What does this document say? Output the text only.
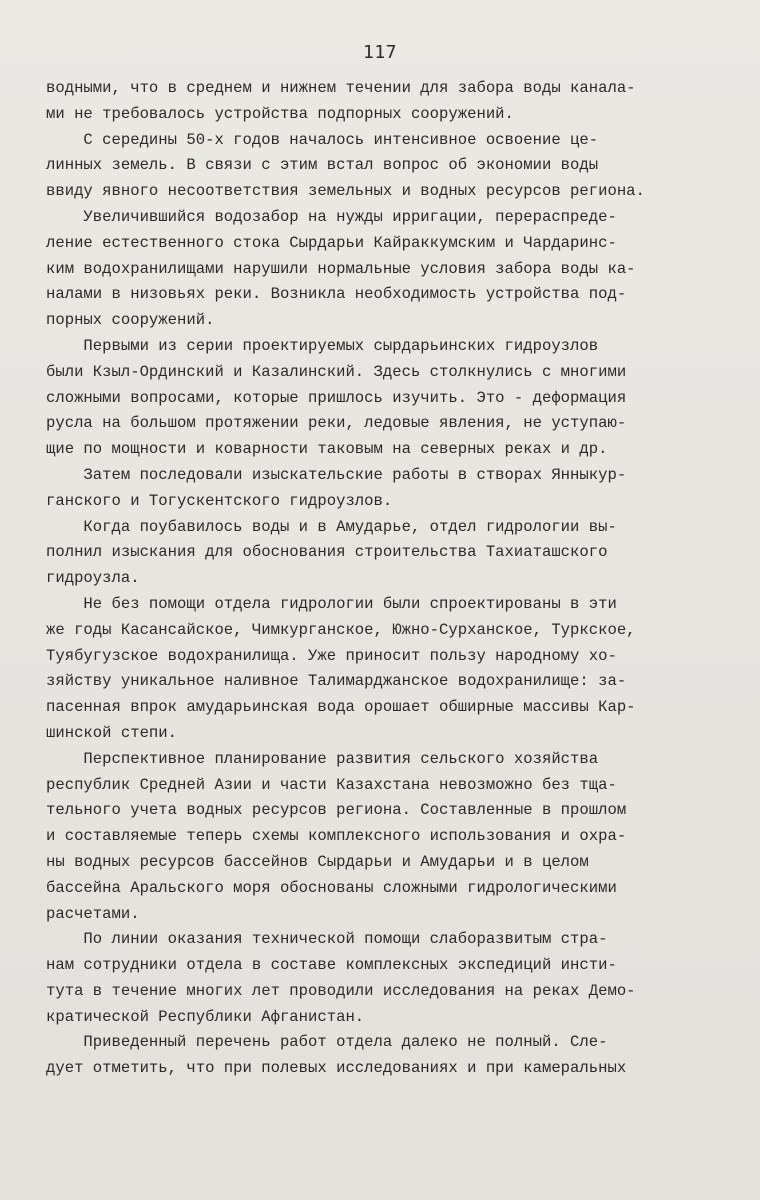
117
водными, что в среднем и нижнем течении для забора воды канала-
ми не требовалось устройства подпорных сооружений.
С середины 50-х годов началось интенсивное освоение це-
линных земель. В связи с этим встал вопрос об экономии воды
ввиду явного несоответствия земельных и водных ресурсов региона.
Увеличившийся водозабор на нужды ирригации, перераспреде-
ление естественного стока Сырдарьи Кайраккумским и Чардаринс-
ким водохранилищами нарушили нормальные условия забора воды ка-
налами в низовьях реки. Возникла необходимость устройства под-
порных сооружений.
Первыми из серии проектируемых сырдарьинских гидроузлов
были Кзыл-Ординский и Казалинский. Здесь столкнулись с многими
сложными вопросами, которые пришлось изучить. Это - деформация
русла на большом протяжении реки, ледовые явления, не уступаю-
щие по мощности и коварности таковым на северных реках и др.
Затем последовали изыскательские работы в створах Янныкур-
ганского и Тогускентского гидроузлов.
Когда поубавилось воды и в Амударье, отдел гидрологии вы-
полнил изыскания для обоснования строительства Тахиаташского
гидроузла.
Не без помощи отдела гидрологии были спроектированы в эти
же годы Касансайское, Чимкурганское, Южно-Сурханское, Туркское,
Туябугузское водохранилища. Уже приносит пользу народному хо-
зяйству уникальное наливное Талимарджанское водохранилище: за-
пасенная впрок амударьинская вода орошает обширные массивы Кар-
шинской степи.
Перспективное планирование развития сельского хозяйства
республик Средней Азии и части Казахстана невозможно без тща-
тельного учета водных ресурсов региона. Составленные в прошлом
и составляемые теперь схемы комплексного использования и охра-
ны водных ресурсов бассейнов Сырдарьи и Амударьи и в целом
бассейна Аральского моря обоснованы сложными гидрологическими
расчетами.
По линии оказания технической помощи слаборазвитым стра-
нам сотрудники отдела в составе комплексных экспедиций инсти-
тута в течение многих лет проводили исследования на реках Демо-
кратической Республики Афганистан.
Приведенный перечень работ отдела далеко не полный. Сле-
дует отметить, что при полевых исследованиях и при камеральных
